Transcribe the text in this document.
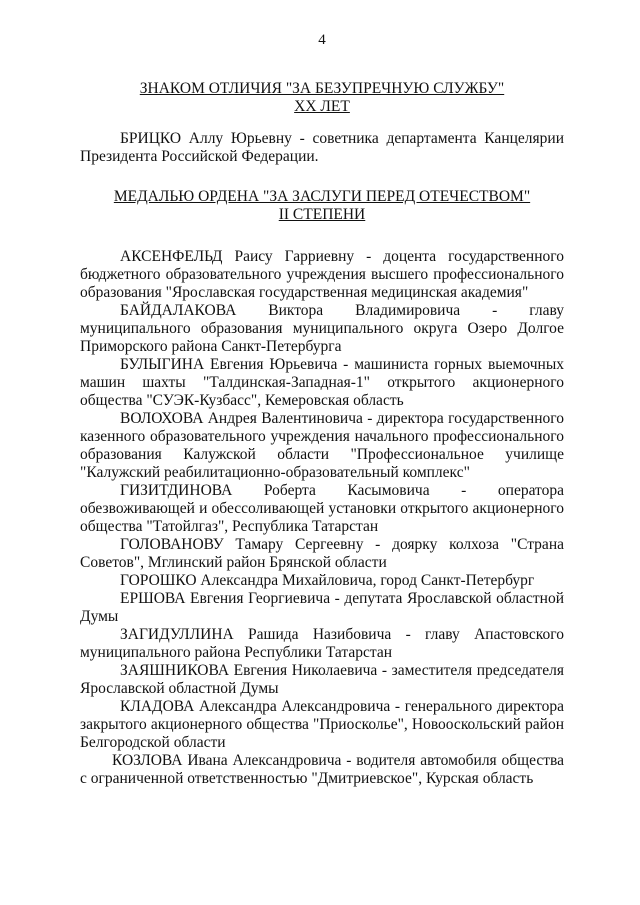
4
ЗНАКОМ ОТЛИЧИЯ "ЗА БЕЗУПРЕЧНУЮ СЛУЖБУ"
XX ЛЕТ

БРИЦКО Аллу Юрьевну - советника департамента Канцелярии Президента Российской Федерации.

МЕДАЛЬЮ ОРДЕНА "ЗА ЗАСЛУГИ ПЕРЕД ОТЕЧЕСТВОМ"
II СТЕПЕНИ

АКСЕНФЕЛЬД Раису Гарриевну - доцента государственного бюджетного образовательного учреждения высшего профессионального образования "Ярославская государственная медицинская академия"

БАЙДАЛАКОВА Виктора Владимировича - главу муниципального образования муниципального округа Озеро Долгое Приморского района Санкт-Петербурга

БУЛЫГИНА Евгения Юрьевича - машиниста горных выемочных машин шахты "Талдинская-Западная-1" открытого акционерного общества "СУЭК-Кузбасс", Кемеровская область

ВОЛОХОВА Андрея Валентиновича - директора государственного казенного образовательного учреждения начального профессионального образования Калужской области "Профессиональное училище "Калужский реабилитационно-образовательный комплекс"

ГИЗИТДИНОВА Роберта Касымовича - оператора обезвоживающей и обессоливающей установки открытого акционерного общества "Татойлгаз", Республика Татарстан

ГОЛОВАНОВУ Тамару Сергеевну - доярку колхоза "Страна Советов", Мглинский район Брянской области

ГОРОШКО Александра Михайловича, город Санкт-Петербург

ЕРШОВА Евгения Георгиевича - депутата Ярославской областной Думы

ЗАГИДУЛЛИНА Рашида Назибовича - главу Апастовского муниципального района Республики Татарстан

ЗАЯШНИКОВА Евгения Николаевича - заместителя председателя Ярославской областной Думы

КЛАДОВА Александра Александровича - генерального директора закрытого акционерного общества "Приосколье", Новооскольский район Белгородской области

КОЗЛОВА Ивана Александровича - водителя автомобиля общества с ограниченной ответственностью "Дмитриевское", Курская область
